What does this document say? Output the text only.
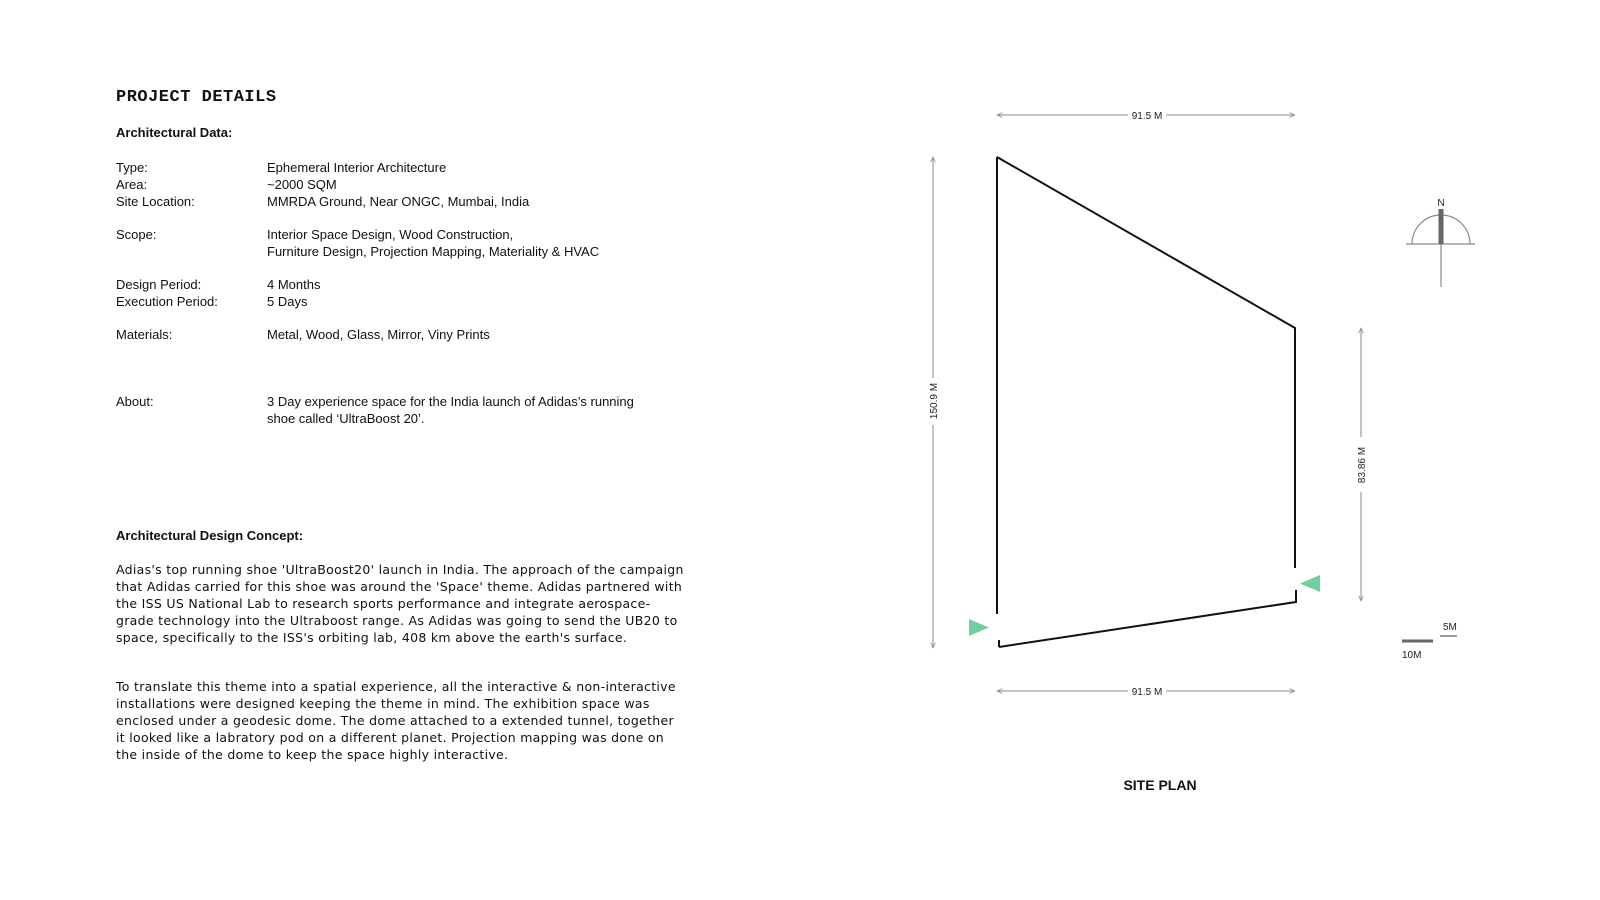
PROJECT DETAILS
Architectural Data:
Type:	Ephemeral Interior Architecture
Area:	~2000 SQM
Site Location:	MMRDA Ground, Near ONGC, Mumbai, India
Scope:	Interior Space Design, Wood Construction,
Furniture Design, Projection Mapping, Materiality & HVAC
Design Period:	4 Months
Execution Period:	5 Days
Materials:	Metal, Wood, Glass, Mirror, Viny Prints
About:	3 Day experience space for the India launch of Adidas’s running
shoe called ‘UltraBoost 20’.
Architectural Design Concept:

Adias's top running shoe 'UltraBoost20' launch in India. The approach of the campaign that Adidas carried for this shoe was around the 'Space' theme. Adidas partnered with the ISS US National Lab to research sports performance and integrate aerospace-grade technology into the Ultraboost range. As Adidas was going to send the UB20 to space, specifically to the ISS's orbiting lab, 408 km above the earth's surface.

To translate this theme into a spatial experience, all the interactive & non-interactive installations were designed keeping the theme in mind. The exhibition space was enclosed under a geodesic dome. The dome attached to a extended tunnel, together it looked like a labratory pod on a different planet. Projection mapping was done on the inside of the dome to keep the space highly interactive.

91.5 M
91.5 M
150.9 M
83.86 M
N
5M
10M
SITE PLAN
